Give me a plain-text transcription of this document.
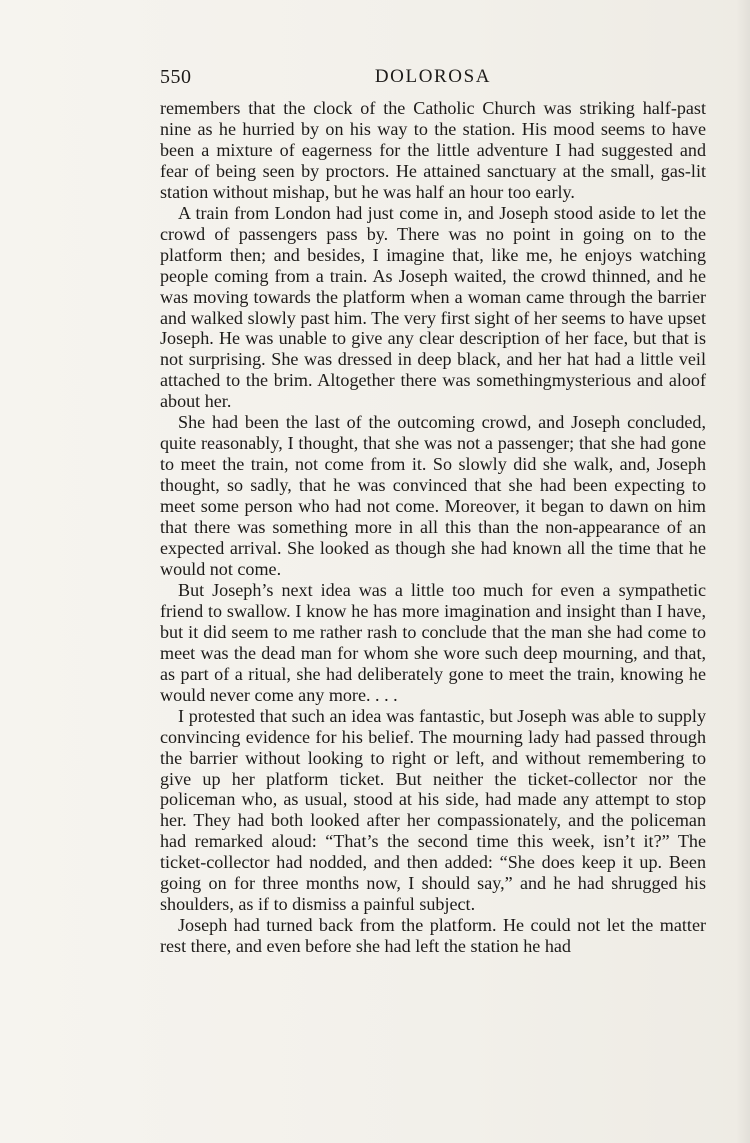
550	DOLOROSA

remembers that the clock of the Catholic Church was striking half-past nine as he hurried by on his way to the station. His mood seems to have been a mixture of eagerness for the little adventure I had suggested and fear of being seen by proctors. He attained sanctuary at the small, gas-lit station without mishap, but he was half an hour too early.

A train from London had just come in, and Joseph stood aside to let the crowd of passengers pass by. There was no point in going on to the platform then; and besides, I imagine that, like me, he enjoys watching people coming from a train. As Joseph waited, the crowd thinned, and he was moving towards the platform when a woman came through the barrier and walked slowly past him. The very first sight of her seems to have upset Joseph. He was unable to give any clear description of her face, but that is not surprising. She was dressed in deep black, and her hat had a little veil attached to the brim. Altogether there was somethingmysterious and aloof about her.

She had been the last of the outcoming crowd, and Joseph concluded, quite reasonably, I thought, that she was not a passenger; that she had gone to meet the train, not come from it. So slowly did she walk, and, Joseph thought, so sadly, that he was convinced that she had been expecting to meet some person who had not come. Moreover, it began to dawn on him that there was something more in all this than the non-appearance of an expected arrival. She looked as though she had known all the time that he would not come.

But Joseph’s next idea was a little too much for even a sympathetic friend to swallow. I know he has more imagination and insight than I have, but it did seem to me rather rash to conclude that the man she had come to meet was the dead man for whom she wore such deep mourning, and that, as part of a ritual, she had deliberately gone to meet the train, knowing he would never come any more. . . .

I protested that such an idea was fantastic, but Joseph was able to supply convincing evidence for his belief. The mourning lady had passed through the barrier without looking to right or left, and without remembering to give up her platform ticket. But neither the ticket-collector nor the policeman who, as usual, stood at his side, had made any attempt to stop her. They had both looked after her compassionately, and the policeman had remarked aloud: “That’s the second time this week, isn’t it?” The ticket-collector had nodded, and then added: “She does keep it up. Been going on for three months now, I should say,” and he had shrugged his shoulders, as if to dismiss a painful subject.

Joseph had turned back from the platform. He could not let the matter rest there, and even before she had left the station he had
